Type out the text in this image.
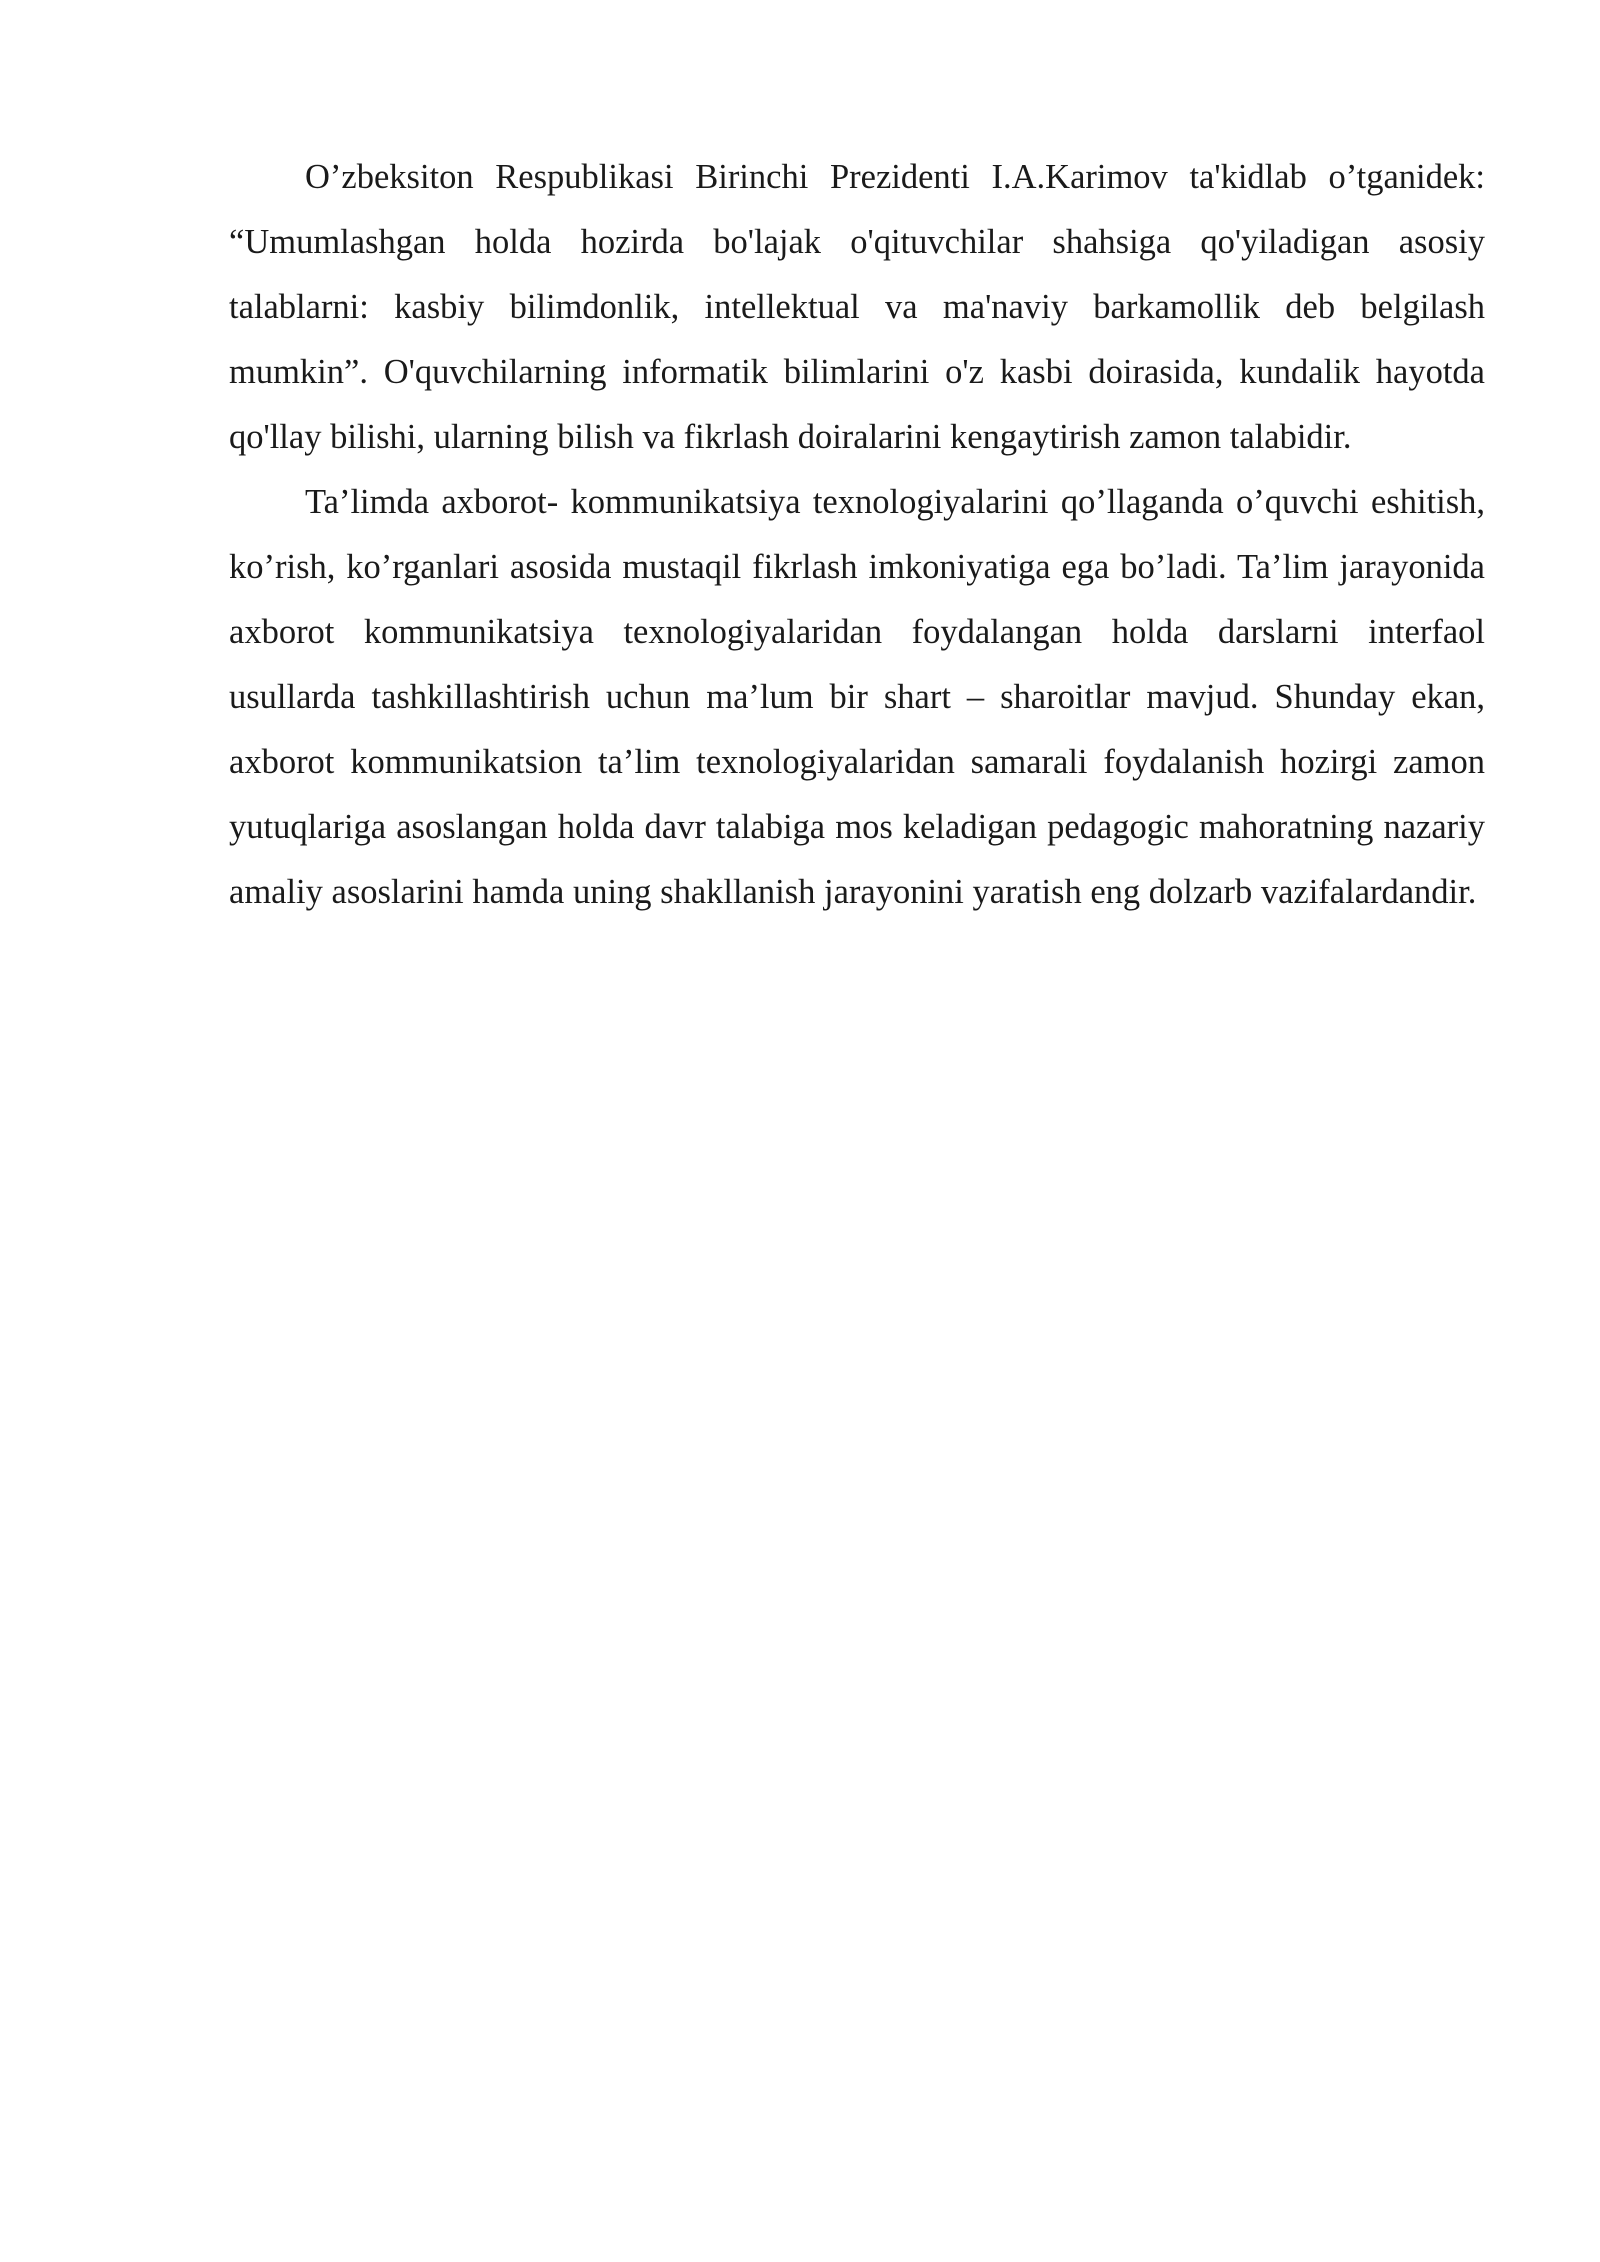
O’zbeksiton Respublikasi Birinchi Prezidenti I.A.Karimov ta'kidlab o’tganidek: “Umumlashgan holda hozirda bo'lajak o'qituvchilar shahsiga qo'yiladigan asosiy talablarni: kasbiy bilimdonlik, intellektual va ma'naviy barkamollik deb belgilash mumkin”. O'quvchilarning informatik bilimlarini o'z kasbi doirasida, kundalik hayotda qo'llay bilishi, ularning bilish va fikrlash doiralarini kengaytirish zamon talabidir.

Ta’limda axborot- kommunikatsiya texnologiyalarini qo’llaganda o’quvchi eshitish, ko’rish, ko’rganlari asosida mustaqil fikrlash imkoniyatiga ega bo’ladi. Ta’lim jarayonida axborot kommunikatsiya texnologiyalaridan foydalangan holda darslarni interfaol usullarda tashkillashtirish uchun ma’lum bir shart – sharoitlar mavjud. Shunday ekan, axborot kommunikatsion ta’lim texnologiyalaridan samarali foydalanish hozirgi zamon yutuqlariga asoslangan holda davr talabiga mos keladigan pedagogic mahoratning nazariy amaliy asoslarini hamda uning shakllanish jarayonini yaratish eng dolzarb vazifalardandir.
